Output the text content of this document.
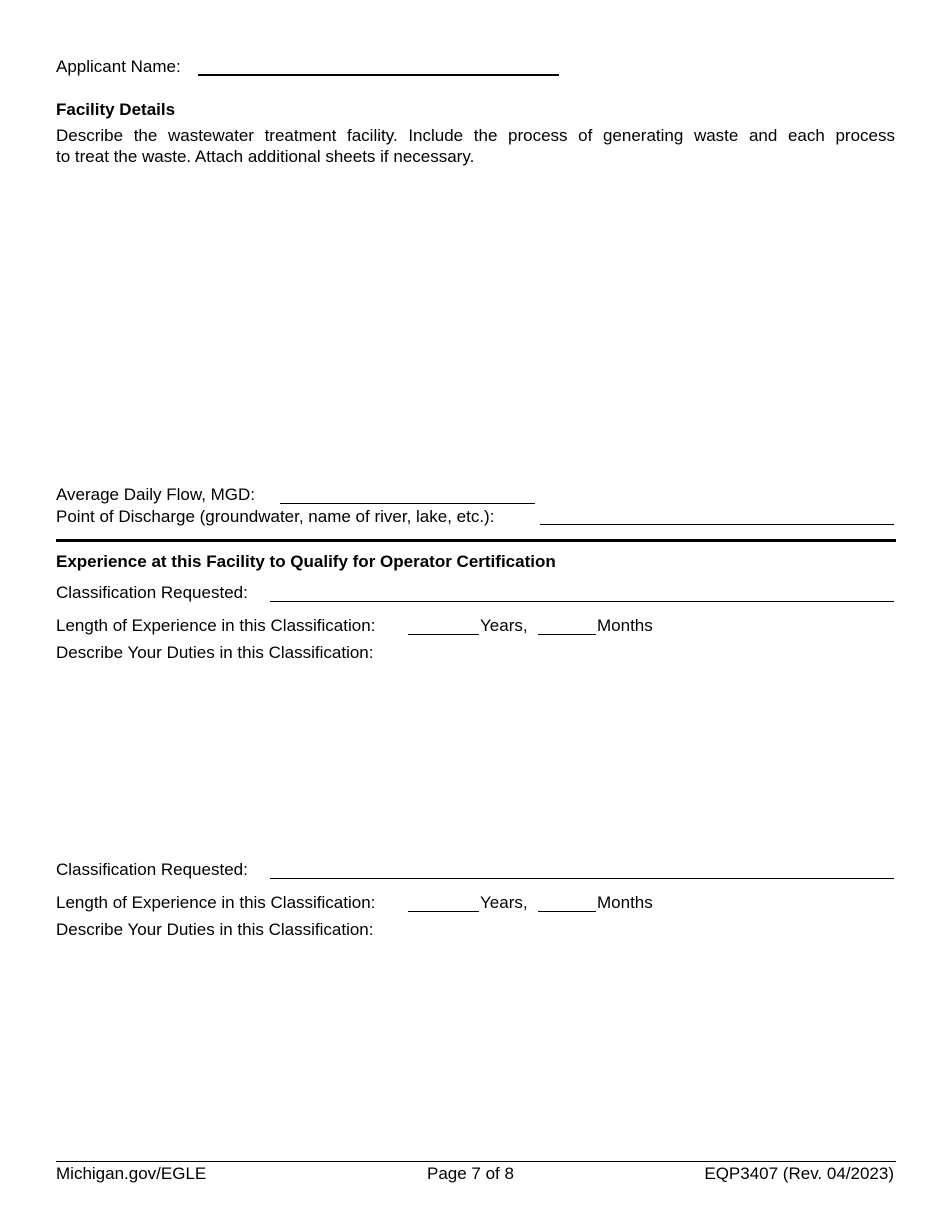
Applicant Name:
Facility Details
Describe the wastewater treatment facility. Include the process of generating waste and each process
to treat the waste. Attach additional sheets if necessary.
Average Daily Flow, MGD:
Point of Discharge (groundwater, name of river, lake, etc.):
Experience at this Facility to Qualify for Operator Certification
Classification Requested:
Length of Experience in this Classification:	Years,	Months
Describe Your Duties in this Classification:
Classification Requested:
Length of Experience in this Classification:	Years,	Months
Describe Your Duties in this Classification:
Michigan.gov/EGLE	Page 7 of 8	EQP3407 (Rev. 04/2023)
